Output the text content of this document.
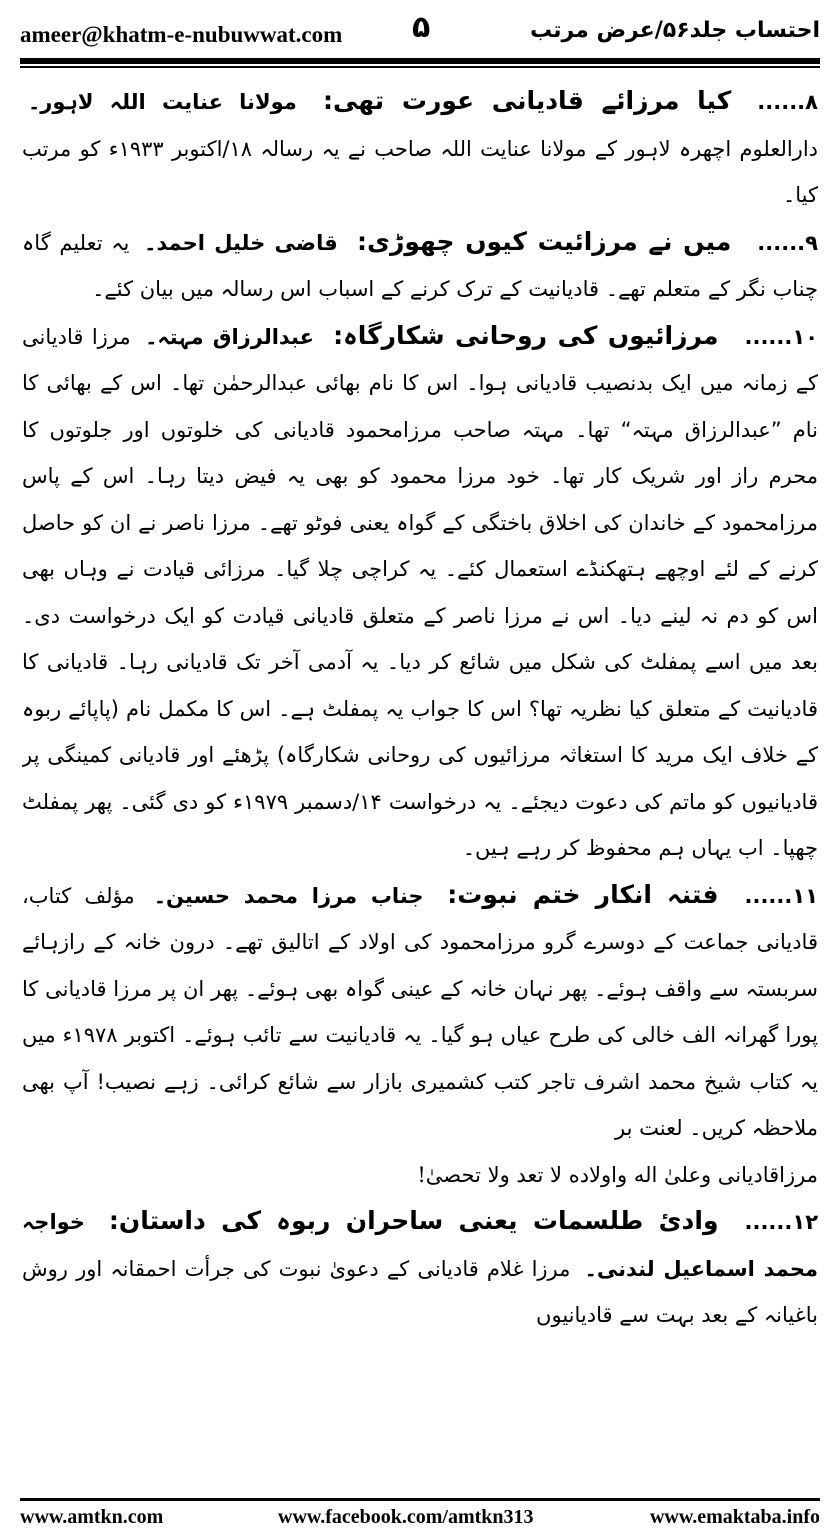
ameer@khatm-e-nubuwwat.com ۵	احتساب جلد۵۶/عرض مرتب

۸......کیا مرزائے قادیانی عورت تھی: مولانا عنایت اللہ لاہور۔ دارالعلوم اچھرہ لاہور کے مولانا عنایت اللہ صاحب نے یہ رسالہ ۱۸/اکتوبر ۱۹۳۳ء کو مرتب کیا۔

۹......میں نے مرزائیت کیوں چھوڑی: قاضی خلیل احمد۔ یہ تعلیم گاہ چناب نگر کے متعلم تھے۔ قادیانیت کے ترک کرنے کے اسباب اس رسالہ میں بیان کئے۔

۱۰......مرزائیوں کی روحانی شکارگاہ: عبدالرزاق مہتہ۔ مرزا قادیانی کے زمانہ میں ایک بدنصیب قادیانی ہوا۔ اس کا نام بھائی عبدالرحمٰن تھا۔ اس کے بھائی کا نام ”عبدالرزاق مہتہ“ تھا۔ مہتہ صاحب مرزامحمود قادیانی کی خلوتوں اور جلوتوں کا محرم راز اور شریک کار تھا۔ خود مرزا محمود کو بھی یہ فیض دیتا رہا۔ اس کے پاس مرزامحمود کے خاندان کی اخلاق باختگی کے گواہ یعنی فوٹو تھے۔ مرزا ناصر نے ان کو حاصل کرنے کے لئے اوچھے ہتھکنڈے استعمال کئے۔ یہ کراچی چلا گیا۔ مرزائی قیادت نے وہاں بھی اس کو دم نہ لینے دیا۔ اس نے مرزا ناصر کے متعلق قادیانی قیادت کو ایک درخواست دی۔ بعد میں اسے پمفلٹ کی شکل میں شائع کر دیا۔ یہ آدمی آخر تک قادیانی رہا۔ قادیانی کا قادیانیت کے متعلق کیا نظریہ تھا؟ اس کا جواب یہ پمفلٹ ہے۔ اس کا مکمل نام (پاپائے ربوہ کے خلاف ایک مرید کا استغاثہ مرزائیوں کی روحانی شکارگاہ) پڑھئے اور قادیانی کمینگی پر قادیانیوں کو ماتم کی دعوت دیجئے۔ یہ درخواست ۱۴/دسمبر ۱۹۷۹ء کو دی گئی۔ پھر پمفلٹ چھپا۔ اب یہاں ہم محفوظ کر رہے ہیں۔

۱۱......فتنہ انکار ختم نبوت: جناب مرزا محمد حسین۔ مؤلف کتاب، قادیانی جماعت کے دوسرے گرو مرزامحمود کی اولاد کے اتالیق تھے۔ درون خانہ کے رازہائے سربستہ سے واقف ہوئے۔ پھر نہان خانہ کے عینی گواہ بھی ہوئے۔ پھر ان پر مرزا قادیانی کا پورا گھرانہ الف خالی کی طرح عیاں ہو گیا۔ یہ قادیانیت سے تائب ہوئے۔ اکتوبر ۱۹۷۸ء میں یہ کتاب شیخ محمد اشرف تاجر کتب کشمیری بازار سے شائع کرائی۔ زہے نصیب! آپ بھی ملاحظہ کریں۔ لعنت بر
مرزاقادیانی وعلیٰ اله واولاده لا تعد ولا تحصیٰ!

۱۲......وادئ طلسمات یعنی ساحران ربوہ کی داستان: خواجہ محمد اسماعیل لندنی۔ مرزا غلام قادیانی کے دعویٰ نبوت کی جرأت احمقانہ اور روش باغیانہ کے بعد بہت سے قادیانیوں

www.amtkn.com	www.facebook.com/amtkn313	www.emaktaba.info
